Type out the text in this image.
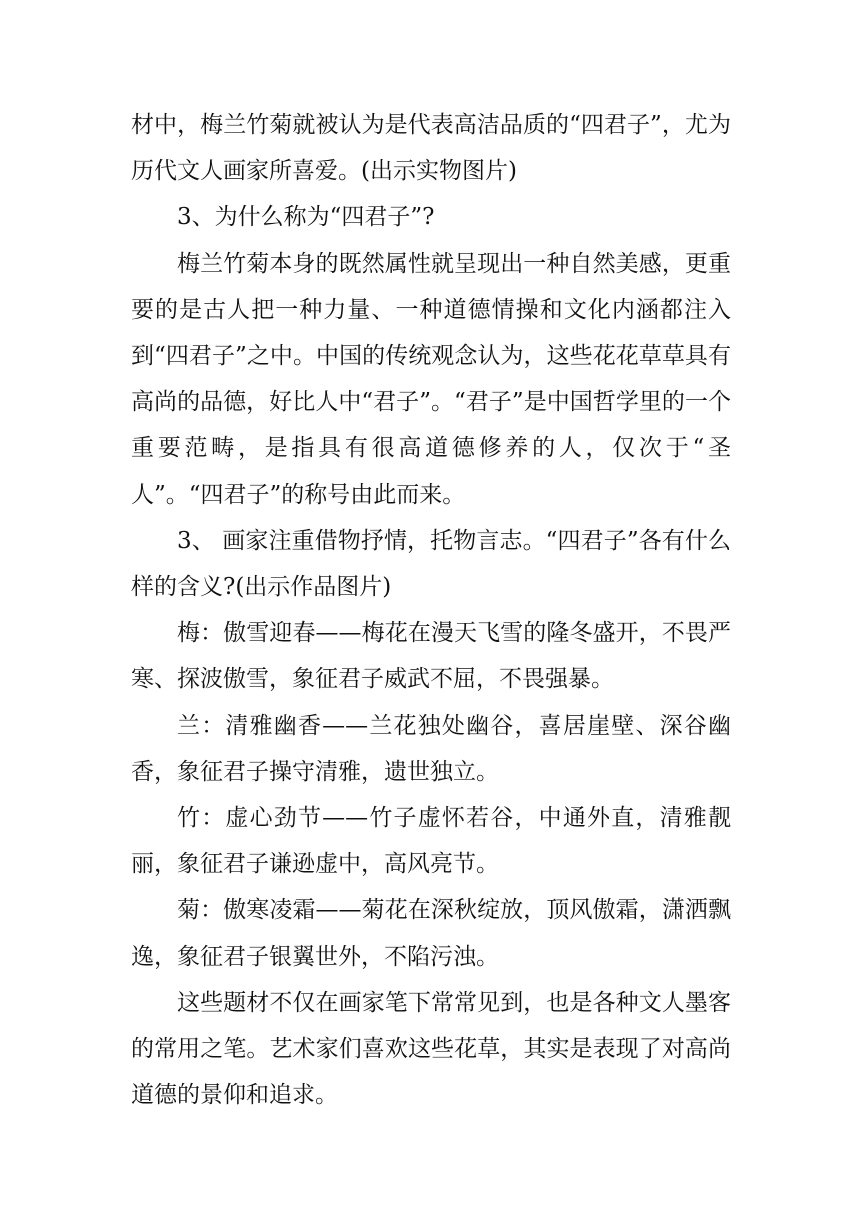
材中，梅兰竹菊就被认为是代表高洁品质的“四君子”，尤为历代文人画家所喜爱。(出示实物图片)

3、为什么称为“四君子”?

梅兰竹菊本身的既然属性就呈现出一种自然美感，更重要的是古人把一种力量、一种道德情操和文化内涵都注入到“四君子”之中。中国的传统观念认为，这些花花草草具有高尚的品德，好比人中“君子”。“君子”是中国哲学里的一个重要范畴，是指具有很高道德修养的人，仅次于“圣人”。“四君子”的称号由此而来。

3、 画家注重借物抒情，托物言志。“四君子”各有什么样的含义?(出示作品图片)

梅：傲雪迎春——梅花在漫天飞雪的隆冬盛开，不畏严寒、探波傲雪，象征君子威武不屈，不畏强暴。

兰：清雅幽香——兰花独处幽谷，喜居崖壁、深谷幽香，象征君子操守清雅，遗世独立。

竹：虚心劲节——竹子虚怀若谷，中通外直，清雅靓丽，象征君子谦逊虚中，高风亮节。

菊：傲寒凌霜——菊花在深秋绽放，顶风傲霜，潇洒飘逸，象征君子银翼世外，不陷污浊。

这些题材不仅在画家笔下常常见到，也是各种文人墨客的常用之笔。艺术家们喜欢这些花草，其实是表现了对高尚道德的景仰和追求。
